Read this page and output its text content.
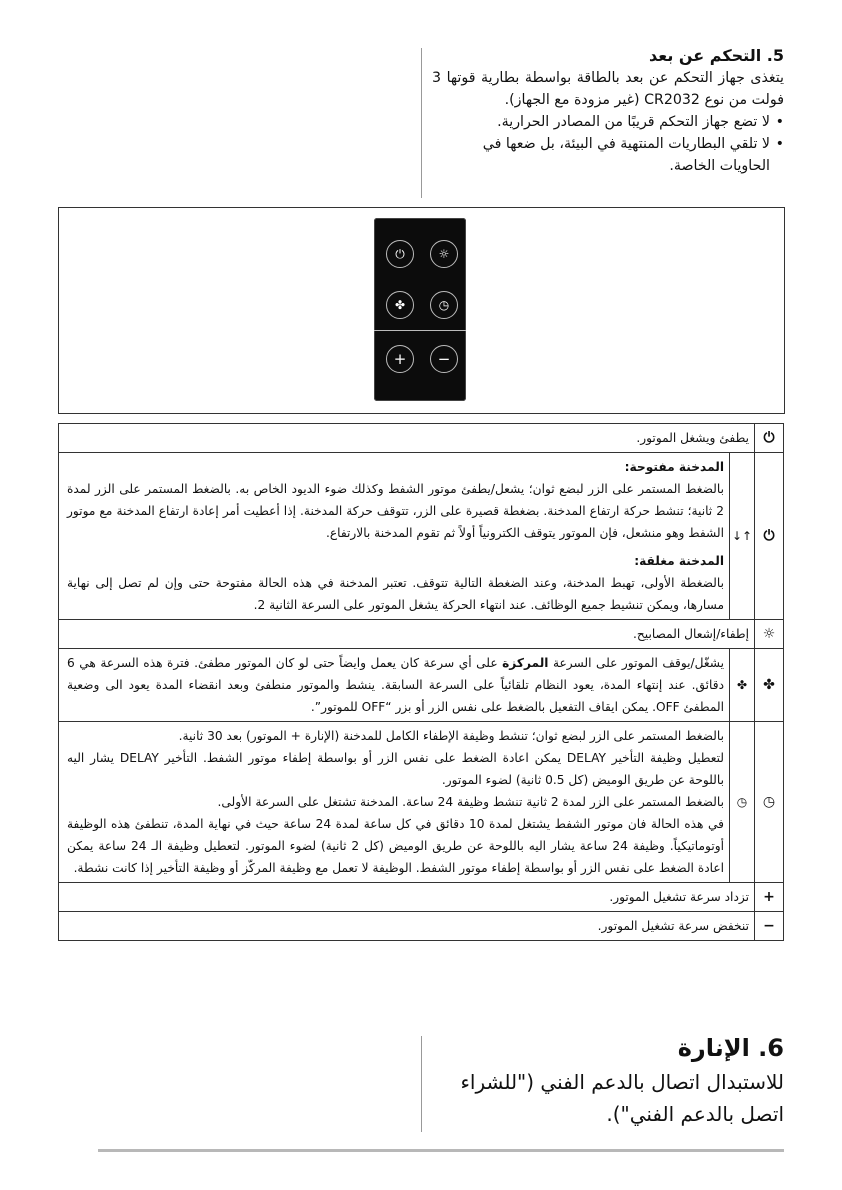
5. التحكم عن بعد

يتغذى جهاز التحكم عن بعد بالطاقة بواسطة بطارية قوتها 3 فولت من نوع CR2032 (غير مزودة مع الجهاز).

• لا تضع جهاز التحكم قريبًا من المصادر الحرارية.
• لا تلقي البطاريات المنتهية في البيئة، بل ضعها في الحاويات الخاصة.
⏻	☼
✤	◷
+	−
⏻	يطفئ ويشغل الموتور.	
⏻	↑↓	المدخنة مفتوحة:

بالضغط المستمر على الزر لبضع ثوان؛ يشعل/يطفئ موتور الشفط وكذلك ضوء الديود الخاص به. بالضغط المستمر على الزر لمدة 2 ثانية؛ تنشط حركة ارتفاع المدخنة. بضغطة قصيرة على الزر، تتوقف حركة المدخنة. إذا أعطيت أمر إعادة ارتفاع المدخنة مع موتور الشفط وهو منشعل، فإن الموتور يتوقف الكترونياً أولاً ثم تقوم المدخنة بالارتفاع.

المدخنة مغلقة:

بالضغطة الأولى، تهبط المدخنة، وعند الضغطة التالية تتوقف. تعتبر المدخنة في هذه الحالة مفتوحة حتى وإن لم تصل إلى نهاية مسارها، ويمكن تنشيط جميع الوظائف. عند انتهاء الحركة يشغل الموتور على السرعة الثانية 2.

☼	إطفاء/إشعال المصابيح.	
✤	✤	يشغّل/يوقف الموتور على السرعة المركزة على أي سرعة كان يعمل وايضاً حتى لو كان الموتور مطفئ. فترة هذه السرعة هي 6 دقائق. عند إنتهاء المدة، يعود النظام تلقائياً على السرعة السابقة. ينشط والموتور منطفئ وبعد انقضاء المدة يعود الى وضعية المطفئ OFF. يمكن ايقاف التفعيل بالضغط على نفس الزر أو بزر “OFF للموتور”.

◷	◷	بالضغط المستمر على الزر لبضع ثوان؛ تنشط وظيفة الإطفاء الكامل للمدخنة (الإنارة + الموتور) بعد 30 ثانية.

لتعطيل وظيفة التأخير DELAY يمكن اعادة الضغط على نفس الزر أو بواسطة إطفاء موتور الشفط. التأخير DELAY يشار اليه باللوحة عن طريق الوميض (كل 0.5 ثانية) لضوء الموتور.

بالضغط المستمر على الزر لمدة 2 ثانية تنشط وظيفة 24 ساعة. المدخنة تشتغل على السرعة الأولى.

في هذه الحالة فان موتور الشفط يشتغل لمدة 10 دقائق في كل ساعة لمدة 24 ساعة حيث في نهاية المدة، تنطفئ هذه الوظيفة أوتوماتيكياً. وظيفة 24 ساعة يشار اليه باللوحة عن طريق الوميض (كل 2 ثانية) لضوء الموتور. لتعطيل وظيفة الـ 24 ساعة يمكن اعادة الضغط على نفس الزر أو بواسطة إطفاء موتور الشفط. الوظيفة لا تعمل مع وظيفة المركّز أو وظيفة التأخير إذا كانت نشطة.

+	تزداد سرعة تشغيل الموتور.	
−	تنخفض سرعة تشغيل الموتور.	
6. الإنارة

للاستبدال اتصال بالدعم الفني ("للشراء اتصل بالدعم الفني").
